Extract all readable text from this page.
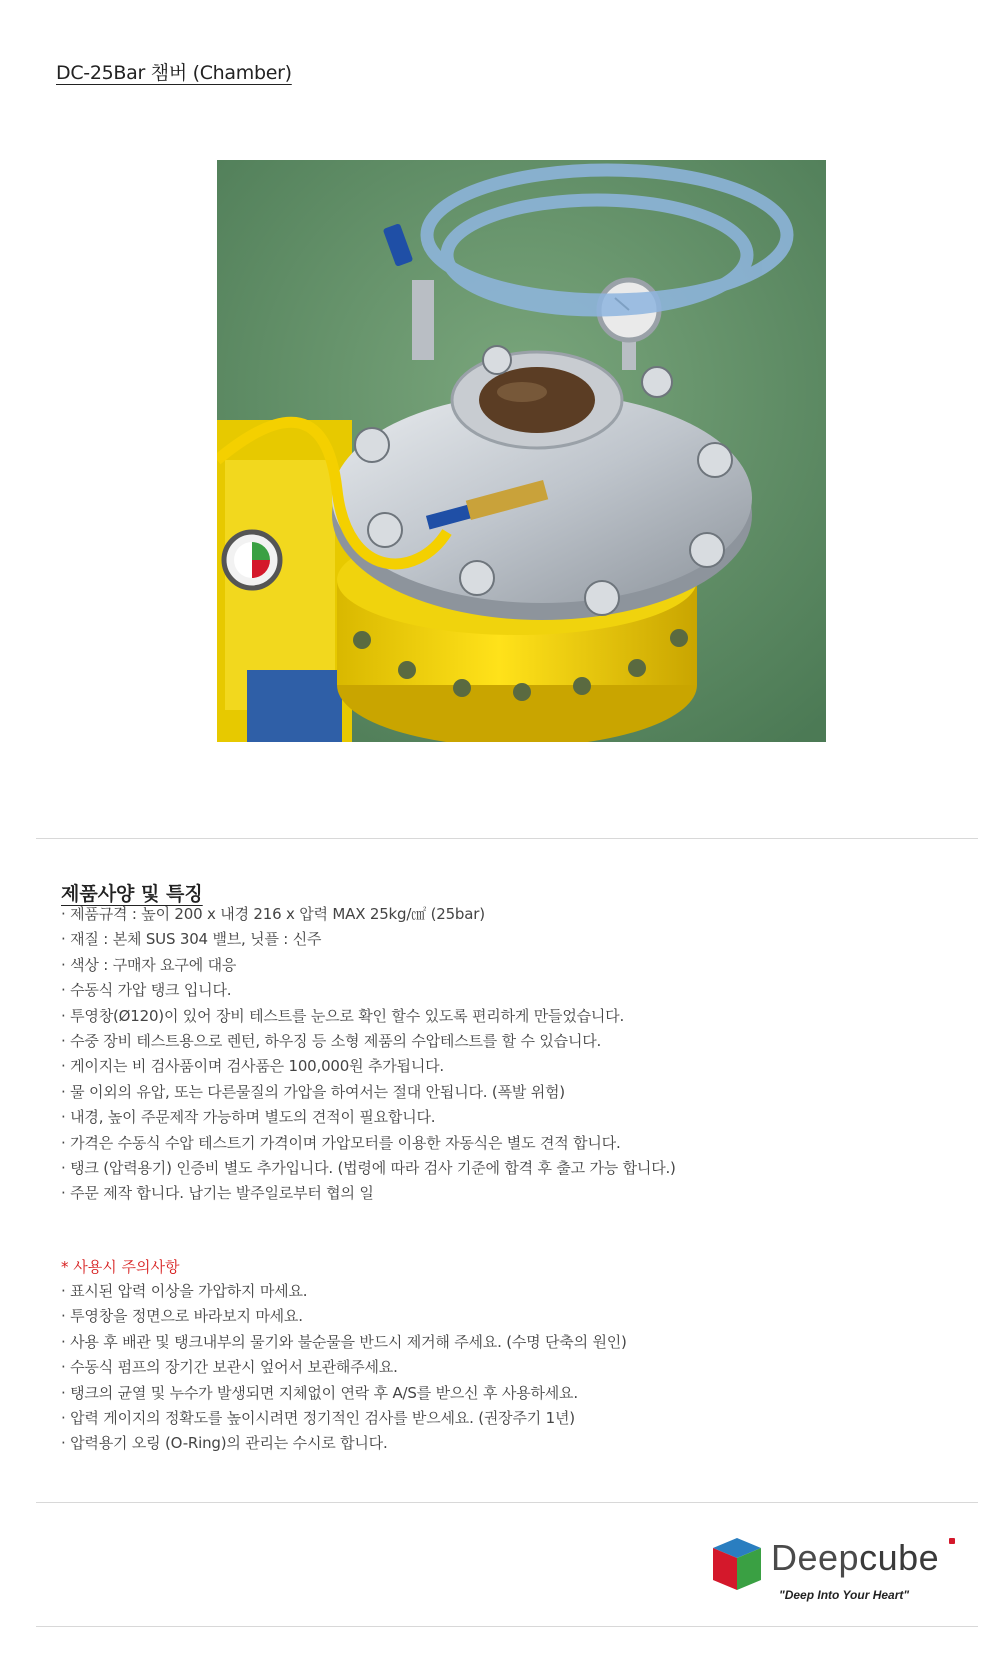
DC-25Bar 챔버 (Chamber)
제품사양 및 특징
· 제품규격 : 높이 200 x 내경 216 x 압력 MAX 25kg/㎠ (25bar)
· 재질 : 본체 SUS 304 밸브, 닛플 : 신주
· 색상 : 구매자 요구에 대응
· 수동식 가압 탱크 입니다.
· 투영창(Ø120)이 있어 장비 테스트를 눈으로 확인 할수 있도록 편리하게 만들었습니다.
· 수중 장비 테스트용으로 렌턴, 하우징 등 소형 제품의 수압테스트를 할 수 있습니다.
· 게이지는 비 검사품이며 검사품은 100,000원 추가됩니다.
· 물 이외의 유압, 또는 다른물질의 가압을 하여서는 절대 안됩니다. (폭발 위험)
· 내경, 높이 주문제작 가능하며 별도의 견적이 필요합니다.
· 가격은 수동식 수압 테스트기 가격이며 가압모터를 이용한 자동식은 별도 견적 합니다.
· 탱크 (압력용기) 인증비 별도 추가입니다. (법령에 따라 검사 기준에 합격 후 출고 가능 합니다.)
· 주문 제작 합니다. 납기는 발주일로부터 협의 일
* 사용시 주의사항
· 표시된 압력 이상을 가압하지 마세요.
· 투영창을 정면으로 바라보지 마세요.
· 사용 후 배관 및 탱크내부의 물기와 불순물을 반드시 제거해 주세요. (수명 단축의 원인)
· 수동식 펌프의 장기간 보관시 엎어서 보관해주세요.
· 탱크의 균열 및 누수가 발생되면 지체없이 연락 후 A/S를 받으신 후 사용하세요.
· 압력 게이지의 정확도를 높이시려면 정기적인 검사를 받으세요. (권장주기 1년)
· 압력용기 오링 (O-Ring)의 관리는 수시로 합니다.
Deepcube
"Deep Into Your Heart"
